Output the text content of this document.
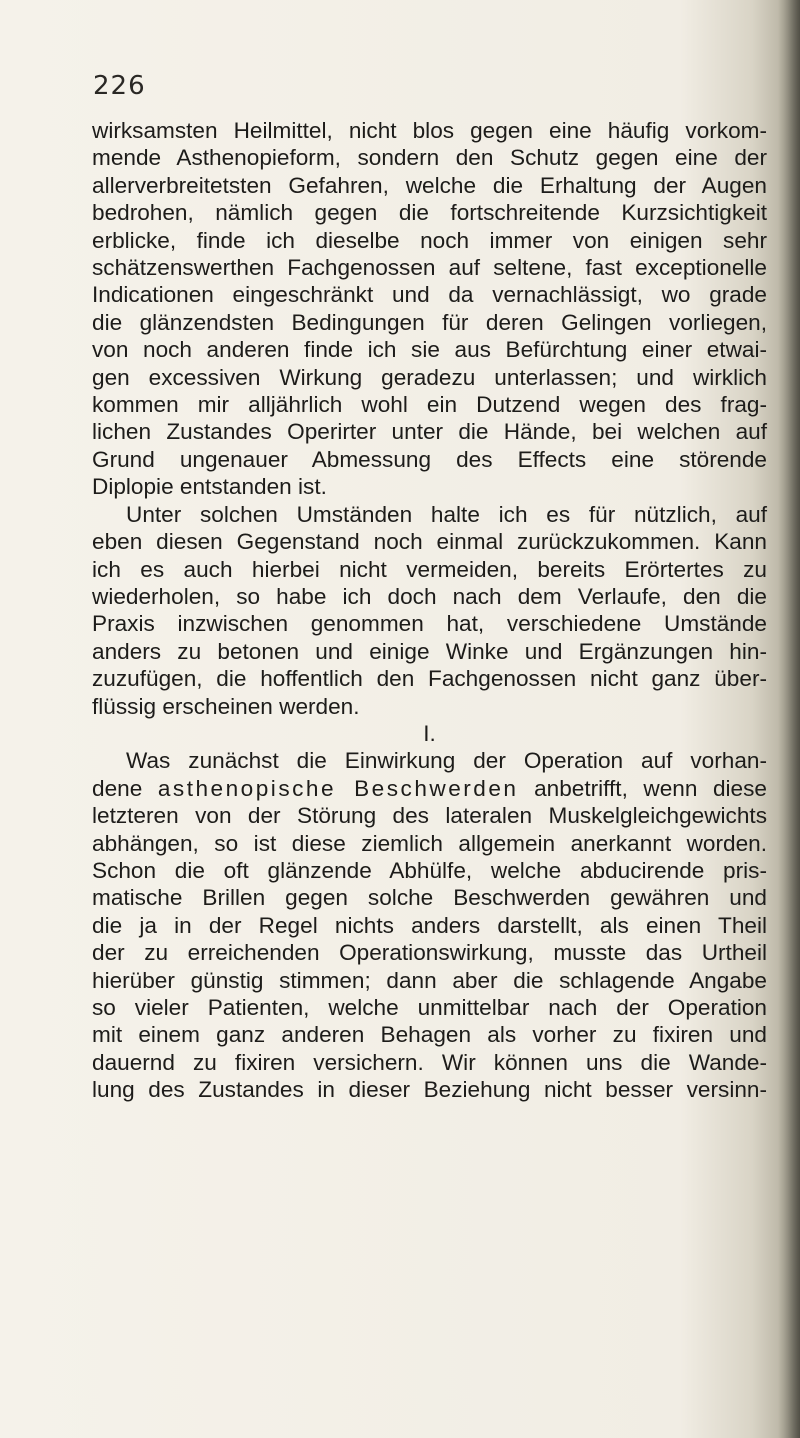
226
wirksamsten Heilmittel, nicht blos gegen eine häufig vorkom-
mende Asthenopieform, sondern den Schutz gegen eine der
allerverbreitetsten Gefahren, welche die Erhaltung der Augen
bedrohen, nämlich gegen die fortschreitende Kurzsichtigkeit
erblicke, finde ich dieselbe noch immer von einigen sehr
schätzenswerthen Fachgenossen auf seltene, fast exceptionelle
Indicationen eingeschränkt und da vernachlässigt, wo grade
die glänzendsten Bedingungen für deren Gelingen vorliegen,
von noch anderen finde ich sie aus Befürchtung einer etwai-
gen excessiven Wirkung geradezu unterlassen; und wirklich
kommen mir alljährlich wohl ein Dutzend wegen des frag-
lichen Zustandes Operirter unter die Hände, bei welchen auf
Grund ungenauer Abmessung des Effects eine störende
Diplopie entstanden ist.
Unter solchen Umständen halte ich es für nützlich, auf
eben diesen Gegenstand noch einmal zurückzukommen. Kann
ich es auch hierbei nicht vermeiden, bereits Erörtertes zu
wiederholen, so habe ich doch nach dem Verlaufe, den die
Praxis inzwischen genommen hat, verschiedene Umstände
anders zu betonen und einige Winke und Ergänzungen hin-
zuzufügen, die hoffentlich den Fachgenossen nicht ganz über-
flüssig erscheinen werden.
I.
Was zunächst die Einwirkung der Operation auf vorhan-
dene asthenopische Beschwerden anbetrifft, wenn diese
letzteren von der Störung des lateralen Muskelgleichgewichts
abhängen, so ist diese ziemlich allgemein anerkannt worden.
Schon die oft glänzende Abhülfe, welche abducirende pris-
matische Brillen gegen solche Beschwerden gewähren und
die ja in der Regel nichts anders darstellt, als einen Theil
der zu erreichenden Operationswirkung, musste das Urtheil
hierüber günstig stimmen; dann aber die schlagende Angabe
so vieler Patienten, welche unmittelbar nach der Operation
mit einem ganz anderen Behagen als vorher zu fixiren und
dauernd zu fixiren versichern. Wir können uns die Wande-
lung des Zustandes in dieser Beziehung nicht besser versinn-
